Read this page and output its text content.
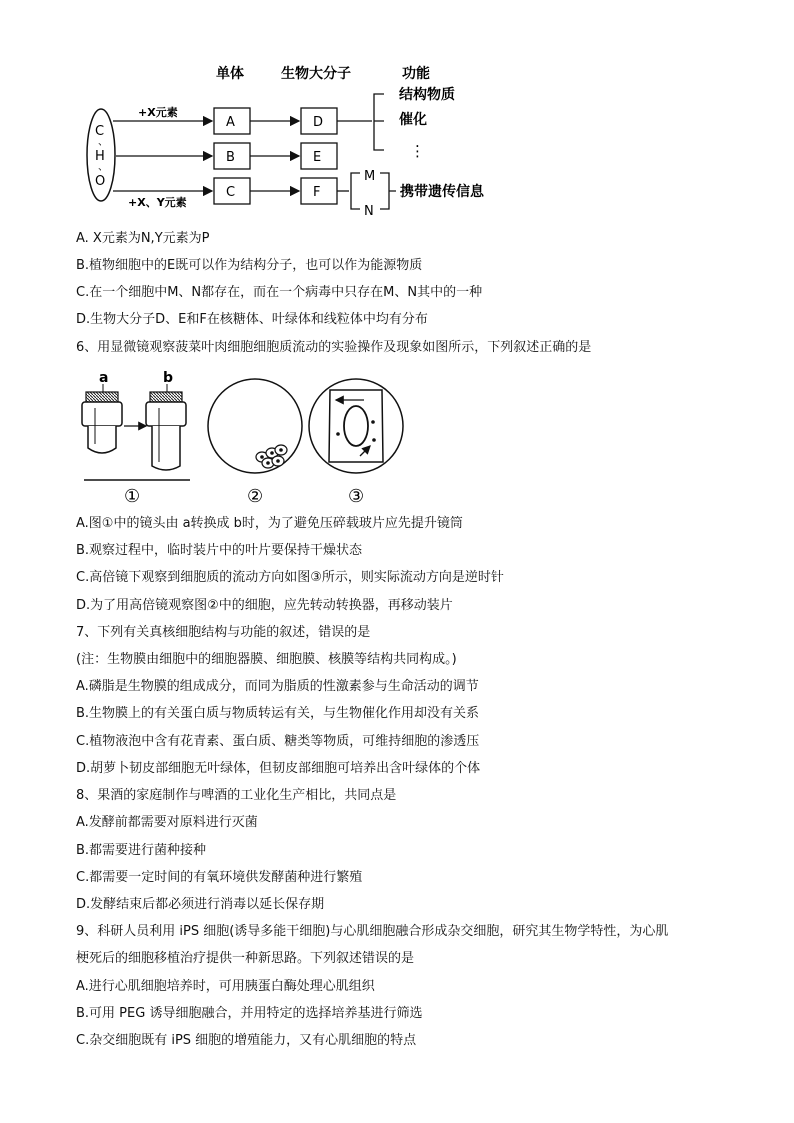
单体	生物大分子	功能
C
H
O
、
、
+X元素
+X、Y元素
A
B
C
D
E
F
结构物质
催化
⋮
M
N
携带遗传信息
A. X元素为N,Y元素为P
B.植物细胞中的E既可以作为结构分子，也可以作为能源物质
C.在一个细胞中M、N都存在，而在一个病毒中只存在M、N其中的一种
D.生物大分子D、E和F在核糖体、叶绿体和线粒体中均有分布
6、用显微镜观察菠菜叶肉细胞细胞质流动的实验操作及现象如图所示，下列叙述正确的是
a	b
①	②	③
A.图①中的镜头由 a转换成 b时，为了避免压碎载玻片应先提升镜筒
B.观察过程中，临时装片中的叶片要保持干燥状态
C.高倍镜下观察到细胞质的流动方向如图③所示，则实际流动方向是逆时针
D.为了用高倍镜观察图②中的细胞，应先转动转换器，再移动装片
7、下列有关真核细胞结构与功能的叙述，错误的是
(注：生物膜由细胞中的细胞器膜、细胞膜、核膜等结构共同构成。)
A.磷脂是生物膜的组成成分，而同为脂质的性激素参与生命活动的调节
B.生物膜上的有关蛋白质与物质转运有关，与生物催化作用却没有关系
C.植物液泡中含有花青素、蛋白质、糖类等物质，可维持细胞的渗透压
D.胡萝卜韧皮部细胞无叶绿体，但韧皮部细胞可培养出含叶绿体的个体
8、果酒的家庭制作与啤酒的工业化生产相比，共同点是
A.发酵前都需要对原料进行灭菌
B.都需要进行菌种接种
C.都需要一定时间的有氧环境供发酵菌种进行繁殖
D.发酵结束后都必须进行消毒以延长保存期
9、科研人员利用 iPS 细胞(诱导多能干细胞)与心肌细胞融合形成杂交细胞，研究其生物学特性，为心肌
梗死后的细胞移植治疗提供一种新思路。下列叙述错误的是
A.进行心肌细胞培养时，可用胰蛋白酶处理心肌组织
B.可用 PEG 诱导细胞融合，并用特定的选择培养基进行筛选
C.杂交细胞既有 iPS 细胞的增殖能力，又有心肌细胞的特点
